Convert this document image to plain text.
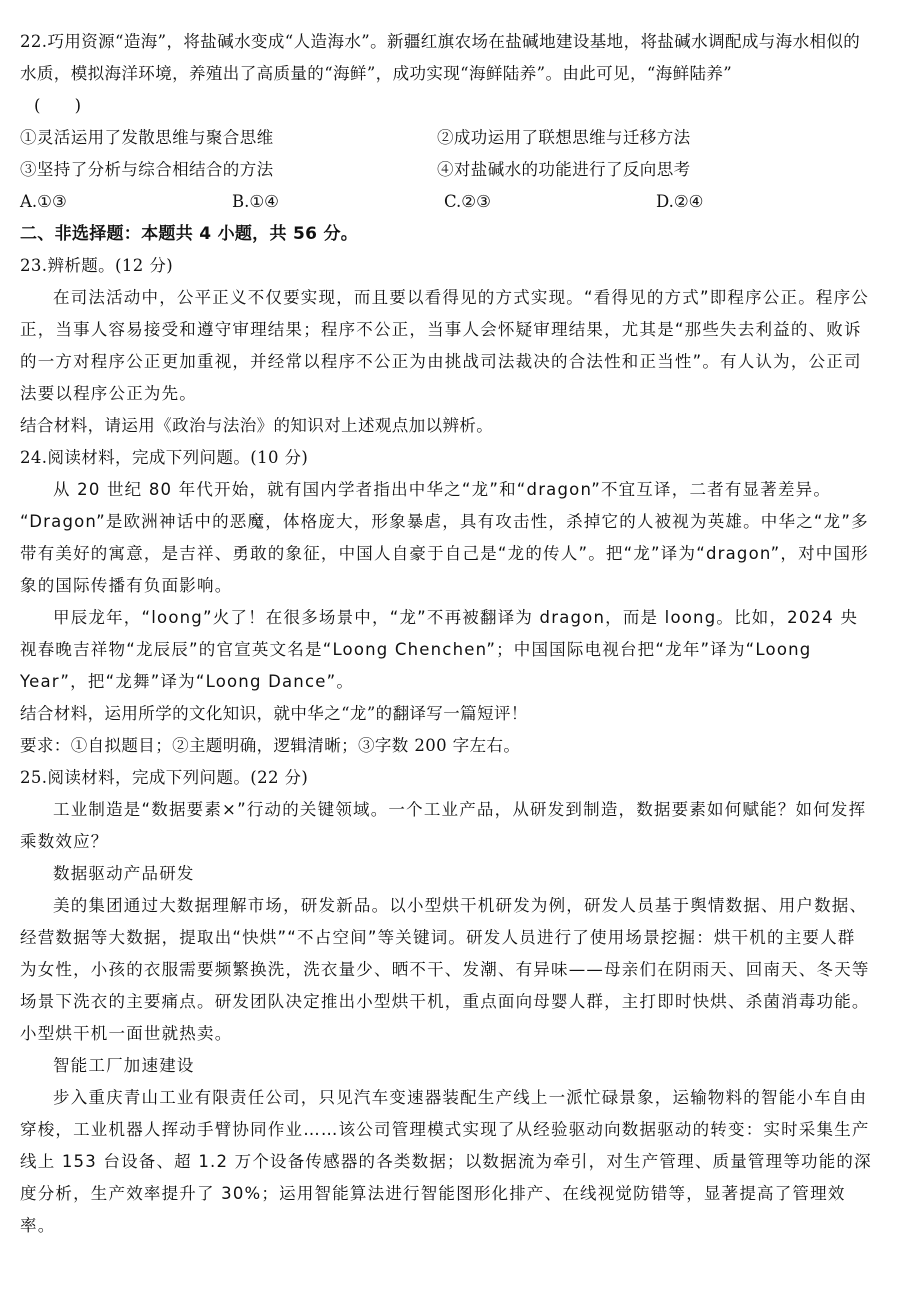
22.巧用资源“造海”，将盐碱水变成“人造海水”。新疆红旗农场在盐碱地建设基地，将盐碱水调配成与海水相似的水质，模拟海洋环境，养殖出了高质量的“海鲜”，成功实现“海鲜陆养”。由此可见，“海鲜陆养”

(　　)

①灵活运用了发散思维与聚合思维	②成功运用了联想思维与迁移方法
③坚持了分析与综合相结合的方法	④对盐碱水的功能进行了反向思考
A.①③	B.①④	C.②③	D.②④
二、非选择题：本题共 4 小题，共 56 分。

23.辨析题。(12 分)

在司法活动中，公平正义不仅要实现，而且要以看得见的方式实现。“看得见的方式”即程序公正。程序公正，当事人容易接受和遵守审理结果；程序不公正，当事人会怀疑审理结果，尤其是“那些失去利益的、败诉的一方对程序公正更加重视，并经常以程序不公正为由挑战司法裁决的合法性和正当性”。有人认为，公正司法要以程序公正为先。

结合材料，请运用《政治与法治》的知识对上述观点加以辨析。

24.阅读材料，完成下列问题。(10 分)

从 20 世纪 80 年代开始，就有国内学者指出中华之“龙”和“dragon”不宜互译，二者有显著差异。

“Dragon”是欧洲神话中的恶魔，体格庞大，形象暴虐，具有攻击性，杀掉它的人被视为英雄。中华之“龙”多带有美好的寓意，是吉祥、勇敢的象征，中国人自豪于自己是“龙的传人”。把“龙”译为“dragon”，对中国形象的国际传播有负面影响。

甲辰龙年，“loong”火了！在很多场景中，“龙”不再被翻译为 dragon，而是 loong。比如，2024 央视春晚吉祥物“龙辰辰”的官宣英文名是“Loong Chenchen”；中国国际电视台把“龙年”译为“Loong Year”，把“龙舞”译为“Loong Dance”。

结合材料，运用所学的文化知识，就中华之“龙”的翻译写一篇短评！

要求：①自拟题目；②主题明确，逻辑清晰；③字数 200 字左右。

25.阅读材料，完成下列问题。(22 分)

工业制造是“数据要素×”行动的关键领域。一个工业产品，从研发到制造，数据要素如何赋能？如何发挥乘数效应？

数据驱动产品研发

美的集团通过大数据理解市场，研发新品。以小型烘干机研发为例，研发人员基于舆情数据、用户数据、经营数据等大数据，提取出“快烘”“不占空间”等关键词。研发人员进行了使用场景挖掘：烘干机的主要人群为女性，小孩的衣服需要频繁换洗，洗衣量少、晒不干、发潮、有异味——母亲们在阴雨天、回南天、冬天等场景下洗衣的主要痛点。研发团队决定推出小型烘干机，重点面向母婴人群，主打即时快烘、杀菌消毒功能。小型烘干机一面世就热卖。

智能工厂加速建设

步入重庆青山工业有限责任公司，只见汽车变速器装配生产线上一派忙碌景象，运输物料的智能小车自由穿梭，工业机器人挥动手臂协同作业……该公司管理模式实现了从经验驱动向数据驱动的转变：实时采集生产线上 153 台设备、超 1.2 万个设备传感器的各类数据；以数据流为牵引，对生产管理、质量管理等功能的深度分析，生产效率提升了 30%；运用智能算法进行智能图形化排产、在线视觉防错等，显著提高了管理效率。
